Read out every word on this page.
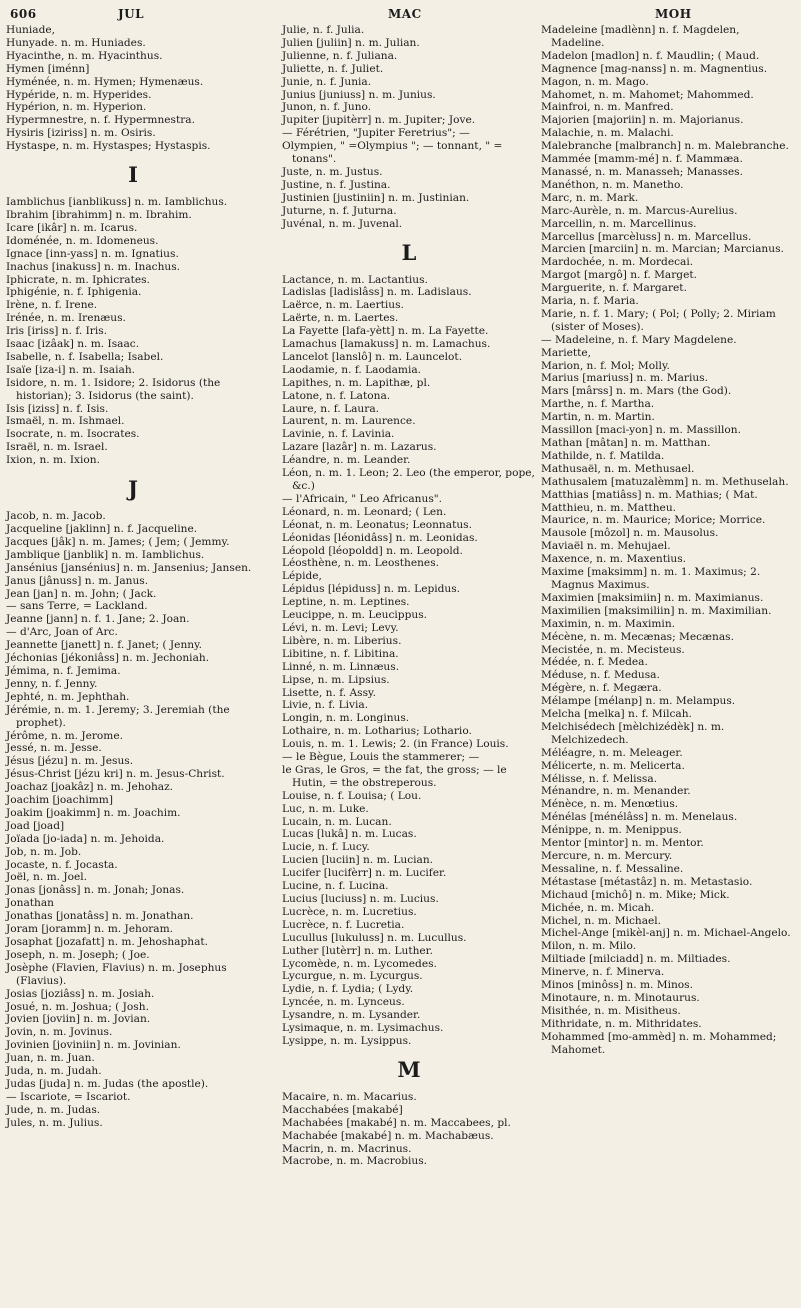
606	JUL	MAC	MOH
Huniade,
Hunyade. n. m. Huniades.
Hyacinthe, n. m. Hyacinthus.
Hymen [iménn]
Hyménée, n. m. Hymen; Hymenæus.
Hypéride, n. m. Hyperides.
Hypérion, n. m. Hyperion.
Hypermnestre, n. f. Hypermnestra.
Hysiris [iziriss] n. m. Osiris.
Hystaspe, n. m. Hystaspes; Hystaspis.
I
Iamblichus [ianblikuss] n. m. Iamblichus.
Ibrahim [ibrahimm] n. m. Ibrahim.
Icare [ikâr] n. m. Icarus.
Idoménée, n. m. Idomeneus.
Ignace [inn-yass] n. m. Ignatius.
Inachus [inakuss] n. m. Inachus.
Iphicrate, n. m. Iphicrates.
Iphigénie, n. f. Iphigenia.
Irène, n. f. Irene.
Irénée, n. m. Irenæus.
Iris [iriss] n. f. Iris.
Isaac [izâak] n. m. Isaac.
Isabelle, n. f. Isabella; Isabel.
Isaïe [iza-i] n. m. Isaiah.
Isidore, n. m. 1. Isidore; 2. Isidorus (the historian); 3. Isidorus (the saint).
Isis [iziss] n. f. Isis.
Ismaël, n. m. Ishmael.
Isocrate, n. m. Isocrates.
Israël, n. m. Israel.
Ixion, n. m. Ixion.
J
Jacob, n. m. Jacob.
Jacqueline [jaklinn] n. f. Jacqueline.
Jacques [jâk] n. m. James; ( Jem; ( Jemmy.
Jamblique [janblik] n. m. Iamblichus.
Jansénius [jansénius] n. m. Jansenius; Jansen.
Janus [jânuss] n. m. Janus.
Jean [jan] n. m. John; ( Jack.
— sans Terre, = Lackland.
Jeanne [jann] n. f. 1. Jane; 2. Joan.
— d'Arc, Joan of Arc.
Jeannette [janett] n. f. Janet; ( Jenny.
Jéchonias [jékoniâss] n. m. Jechoniah.
Jémima, n. f. Jemima.
Jenny, n. f. Jenny.
Jephté, n. m. Jephthah.
Jérémie, n. m. 1. Jeremy; 3. Jeremiah (the prophet).
Jérôme, n. m. Jerome.
Jessé, n. m. Jesse.
Jésus [jézu] n. m. Jesus.
Jésus-Christ [jézu kri] n. m. Jesus-Christ.
Joachaz [joakâz] n. m. Jehohaz.
Joachim [joachimm]
Joakim [joakimm] n. m. Joachim.
Joad [joad]
Joïada [jo-iada] n. m. Jehoida.
Job, n. m. Job.
Jocaste, n. f. Jocasta.
Joël, n. m. Joel.
Jonas [jonâss] n. m. Jonah; Jonas.
Jonathan
Jonathas [jonatâss] n. m. Jonathan.
Joram [joramm] n. m. Jehoram.
Josaphat [jozafatt] n. m. Jehoshaphat.
Joseph, n. m. Joseph; ( Joe.
Josèphe (Flavien, Flavius) n. m. Josephus (Flavius).
Josias [joziâss] n. m. Josiah.
Josué, n. m. Joshua; ( Josh.
Jovien [joviin] n. m. Jovian.
Jovin, n. m. Jovinus.
Jovinien [joviniin] n. m. Jovinian.
Juan, n. m. Juan.
Juda, n. m. Judah.
Judas [juda] n. m. Judas (the apostle).
— Iscariote, = Iscariot.
Jude, n. m. Judas.
Jules, n. m. Julius.
Julie, n. f. Julia.
Julien [juliin] n. m. Julian.
Julienne, n. f. Juliana.
Juliette, n. f. Juliet.
Junie, n. f. Junia.
Junius [juniuss] n. m. Junius.
Junon, n. f. Juno.
Jupiter [jupitèrr] n. m. Jupiter; Jove.
— Férétrien, "Jupiter Feretrius"; —
Olympien, " =Olympius "; — tonnant, " = tonans".
Juste, n. m. Justus.
Justine, n. f. Justina.
Justinien [justiniin] n. m. Justinian.
Juturne, n. f. Juturna.
Juvénal, n. m. Juvenal.
L
Lactance, n. m. Lactantius.
Ladislas [ladislâss] n. m. Ladislaus.
Laërce, n. m. Laertius.
Laërte, n. m. Laertes.
La Fayette [lafa-yètt] n. m. La Fayette.
Lamachus [lamakuss] n. m. Lamachus.
Lancelot [lanslô] n. m. Launcelot.
Laodamie, n. f. Laodamia.
Lapithes, n. m. Lapithæ, pl.
Latone, n. f. Latona.
Laure, n. f. Laura.
Laurent, n. m. Laurence.
Lavinie, n. f. Lavinia.
Lazare [lazâr] n. m. Lazarus.
Léandre, n. m. Leander.
Léon, n. m. 1. Leon; 2. Leo (the emperor, pope, &c.)
— l'Africain, " Leo Africanus".
Léonard, n. m. Leonard; ( Len.
Léonat, n. m. Leonatus; Leonnatus.
Léonidas [léonidâss] n. m. Leonidas.
Léopold [léopoldd] n. m. Leopold.
Léosthène, n. m. Leosthenes.
Lépide,
Lépidus [lépiduss] n. m. Lepidus.
Leptine, n. m. Leptines.
Leucippe, n. m. Leucippus.
Lévi, n. m. Levi; Levy.
Libère, n. m. Liberius.
Libitine, n. f. Libitina.
Linné, n. m. Linnæus.
Lipse, n. m. Lipsius.
Lisette, n. f. Assy.
Livie, n. f. Livia.
Longin, n. m. Longinus.
Lothaire, n. m. Lotharius; Lothario.
Louis, n. m. 1. Lewis; 2. (in France) Louis.
— le Bègue, Louis the stammerer; —
le Gras, le Gros, = the fat, the gross; — le Hutin, = the obstreperous.
Louise, n. f. Louisa; ( Lou.
Luc, n. m. Luke.
Lucain, n. m. Lucan.
Lucas [lukâ] n. m. Lucas.
Lucie, n. f. Lucy.
Lucien [luciin] n. m. Lucian.
Lucifer [lucifèrr] n. m. Lucifer.
Lucine, n. f. Lucina.
Lucius [luciuss] n. m. Lucius.
Lucrèce, n. m. Lucretius.
Lucrèce, n. f. Lucretia.
Lucullus [lukuluss] n. m. Lucullus.
Luther [lutèrr] n. m. Luther.
Lycomède, n. m. Lycomedes.
Lycurgue, n. m. Lycurgus.
Lydie, n. f. Lydia; ( Lydy.
Lyncée, n. m. Lynceus.
Lysandre, n. m. Lysander.
Lysimaque, n. m. Lysimachus.
Lysippe, n. m. Lysippus.
M
Macaire, n. m. Macarius.
Macchabées [makabé]
Machabées [makabé] n. m. Maccabees, pl.
Machabée [makabé] n. m. Machabæus.
Macrin, n. m. Macrinus.
Macrobe, n. m. Macrobius.
Madeleine [madlènn] n. f. Magdelen, Madeline.
Madelon [madlon] n. f. Maudlin; ( Maud.
Magnence [mag-nanss] n. m. Magnentius.
Magon, n. m. Mago.
Mahomet, n. m. Mahomet; Mahommed.
Mainfroi, n. m. Manfred.
Majorien [majoriin] n. m. Majorianus.
Malachie, n. m. Malachi.
Malebranche [malbranch] n. m. Malebranche.
Mammée [mamm-mé] n. f. Mammæa.
Manassé, n. m. Manasseh; Manasses.
Manéthon, n. m. Manetho.
Marc, n. m. Mark.
Marc-Aurèle, n. m. Marcus-Aurelius.
Marcellin, n. m. Marcellinus.
Marcellus [marcèluss] n. m. Marcellus.
Marcien [marciin] n. m. Marcian; Marcianus.
Mardochée, n. m. Mordecai.
Margot [margô] n. f. Marget.
Marguerite, n. f. Margaret.
Maria, n. f. Maria.
Marie, n. f. 1. Mary; ( Pol; ( Polly; 2. Miriam (sister of Moses).
— Madeleine, n. f. Mary Magdelene.
Mariette,
Marion, n. f. Mol; Molly.
Marius [mariuss] n. m. Marius.
Mars [mârss] n. m. Mars (the God).
Marthe, n. f. Martha.
Martin, n. m. Martin.
Massillon [maci-yon] n. m. Massillon.
Mathan [mâtan] n. m. Matthan.
Mathilde, n. f. Matilda.
Mathusaël, n. m. Methusael.
Mathusalem [matuzalèmm] n. m. Methuselah.
Matthias [matiâss] n. m. Mathias; ( Mat.
Matthieu, n. m. Mattheu.
Maurice, n. m. Maurice; Morice; Morrice.
Mausole [môzol] n. m. Mausolus.
Maviaël n. m. Mehujael.
Maxence, n. m. Maxentius.
Maxime [maksimm] n. m. 1. Maximus; 2. Magnus Maximus.
Maximien [maksimiin] n. m. Maximianus.
Maximilien [maksimiliin] n. m. Maximilian.
Maximin, n. m. Maximin.
Mécène, n. m. Mecænas; Mecænas.
Mecistée, n. m. Mecisteus.
Médée, n. f. Medea.
Méduse, n. f. Medusa.
Mégère, n. f. Megæra.
Mélampe [mélanp] n. m. Melampus.
Melcha [melka] n. f. Milcah.
Melchisédech [mèlchizédèk] n. m. Melchizedech.
Méléagre, n. m. Meleager.
Mélicerte, n. m. Melicerta.
Mélisse, n. f. Melissa.
Ménandre, n. m. Menander.
Ménèce, n. m. Menœtius.
Ménélas [ménélâss] n. m. Menelaus.
Ménippe, n. m. Menippus.
Mentor [mintor] n. m. Mentor.
Mercure, n. m. Mercury.
Messaline, n. f. Messaline.
Métastase [métastâz] n. m. Metastasio.
Michaud [michô] n. m. Mike; Mick.
Michée, n. m. Micah.
Michel, n. m. Michael.
Michel-Ange [mikèl-anj] n. m. Michael-Angelo.
Milon, n. m. Milo.
Miltiade [milciadd] n. m. Miltiades.
Minerve, n. f. Minerva.
Minos [minôss] n. m. Minos.
Minotaure, n. m. Minotaurus.
Misithée, n. m. Misitheus.
Mithridate, n. m. Mithridates.
Mohammed [mo-ammèd] n. m. Mohammed; Mahomet.
